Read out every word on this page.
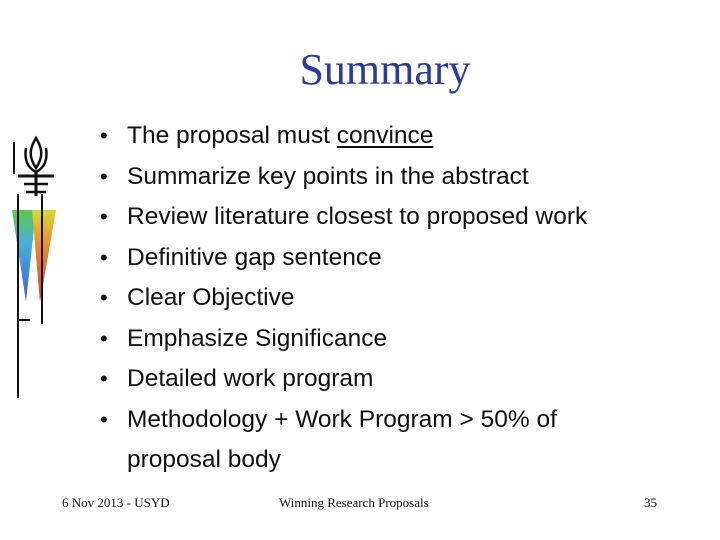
Summary
• The proposal must convince
• Summarize key points in the abstract
• Review literature closest to proposed work
• Definitive gap sentence
• Clear Objective
• Emphasize Significance
• Detailed work program
• Methodology + Work Program > 50% of
proposal body
6 Nov 2013 - USYD	Winning Research Proposals	35
